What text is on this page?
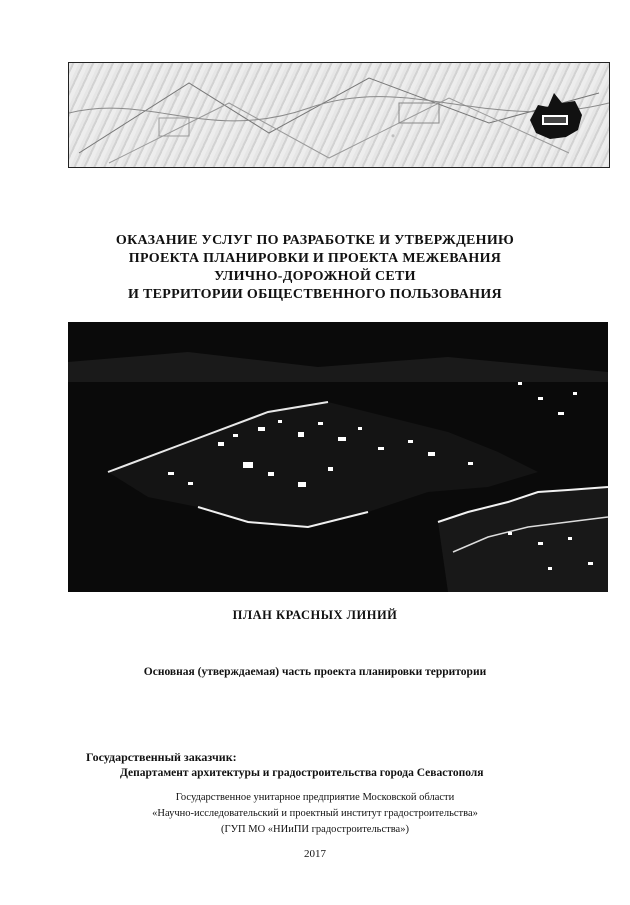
ОКАЗАНИЕ УСЛУГ ПО РАЗРАБОТКЕ И УТВЕРЖДЕНИЮ
ПРОЕКТА ПЛАНИРОВКИ И ПРОЕКТА МЕЖЕВАНИЯ
УЛИЧНО-ДОРОЖНОЙ СЕТИ
И ТЕРРИТОРИИ ОБЩЕСТВЕННОГО ПОЛЬЗОВАНИЯ
ПЛАН КРАСНЫХ ЛИНИЙ
Основная (утверждаемая) часть проекта планировки территории
Государственный заказчик:
Департамент архитектуры и градостроительства города Севастополя
Государственное унитарное предприятие Московской области
«Научно-исследовательский и проектный институт градостроительства»
(ГУП МО «НИиПИ градостроительства»)
2017
